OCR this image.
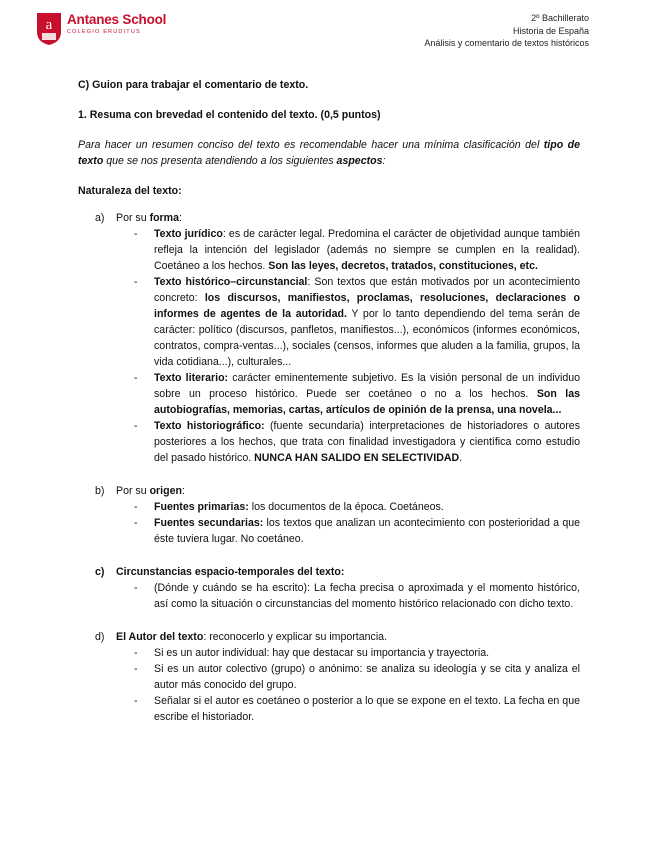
a Antanes School
COLEGIO ERUDITUS
2º Bachillerato
Historia de España
Análisis y comentario de textos históricos
C) Guion para trabajar el comentario de texto.
1. Resuma con brevedad el contenido del texto. (0,5 puntos)
Para hacer un resumen conciso del texto es recomendable hacer una mínima clasificación del tipo de texto que se nos presenta atendiendo a los siguientes aspectos:
Naturaleza del texto:
a)	Por su forma:
- Texto jurídico: es de carácter legal. Predomina el carácter de objetividad aunque también refleja la intención del legislador (además no siempre se cumplen en la realidad). Coetáneo a los hechos. Son las leyes, decretos, tratados, constituciones, etc.
- Texto histórico–circunstancial: Son textos que están motivados por un acontecimiento concreto: los discursos, manifiestos, proclamas, resoluciones, declaraciones o informes de agentes de la autoridad. Y por lo tanto dependiendo del tema serán de carácter: político (discursos, panfletos, manifiestos...), económicos (informes económicos, contratos, compra-ventas...), sociales (censos, informes que aluden a la familia, grupos, la vida cotidiana...), culturales...
- Texto literario: carácter eminentemente subjetivo. Es la visión personal de un individuo sobre un proceso histórico. Puede ser coetáneo o no a los hechos. Son las autobiografías, memorias, cartas, artículos de opinión de la prensa, una novela...
- Texto historiográfico: (fuente secundaria) interpretaciones de historiadores o autores posteriores a los hechos, que trata con finalidad investigadora y científica como estudio del pasado histórico. NUNCA HAN SALIDO EN SELECTIVIDAD.
b)	Por su origen:
- Fuentes primarias: los documentos de la época. Coetáneos.
- Fuentes secundarias: los textos que analizan un acontecimiento con posterioridad a que éste tuviera lugar. No coetáneo.
c)	Circunstancias espacio-temporales del texto:
- (Dónde y cuándo se ha escrito): La fecha precisa o aproximada y el momento histórico, así como la situación o circunstancias del momento histórico relacionado con dicho texto.
d)	El Autor del texto: reconocerlo y explicar su importancia.
- Si es un autor individual: hay que destacar su importancia y trayectoria.
- Si es un autor colectivo (grupo) o anónimo: se analiza su ideología y se cita y analiza el autor más conocido del grupo.
- Señalar si el autor es coetáneo o posterior a lo que se expone en el texto. La fecha en que escribe el historiador.
